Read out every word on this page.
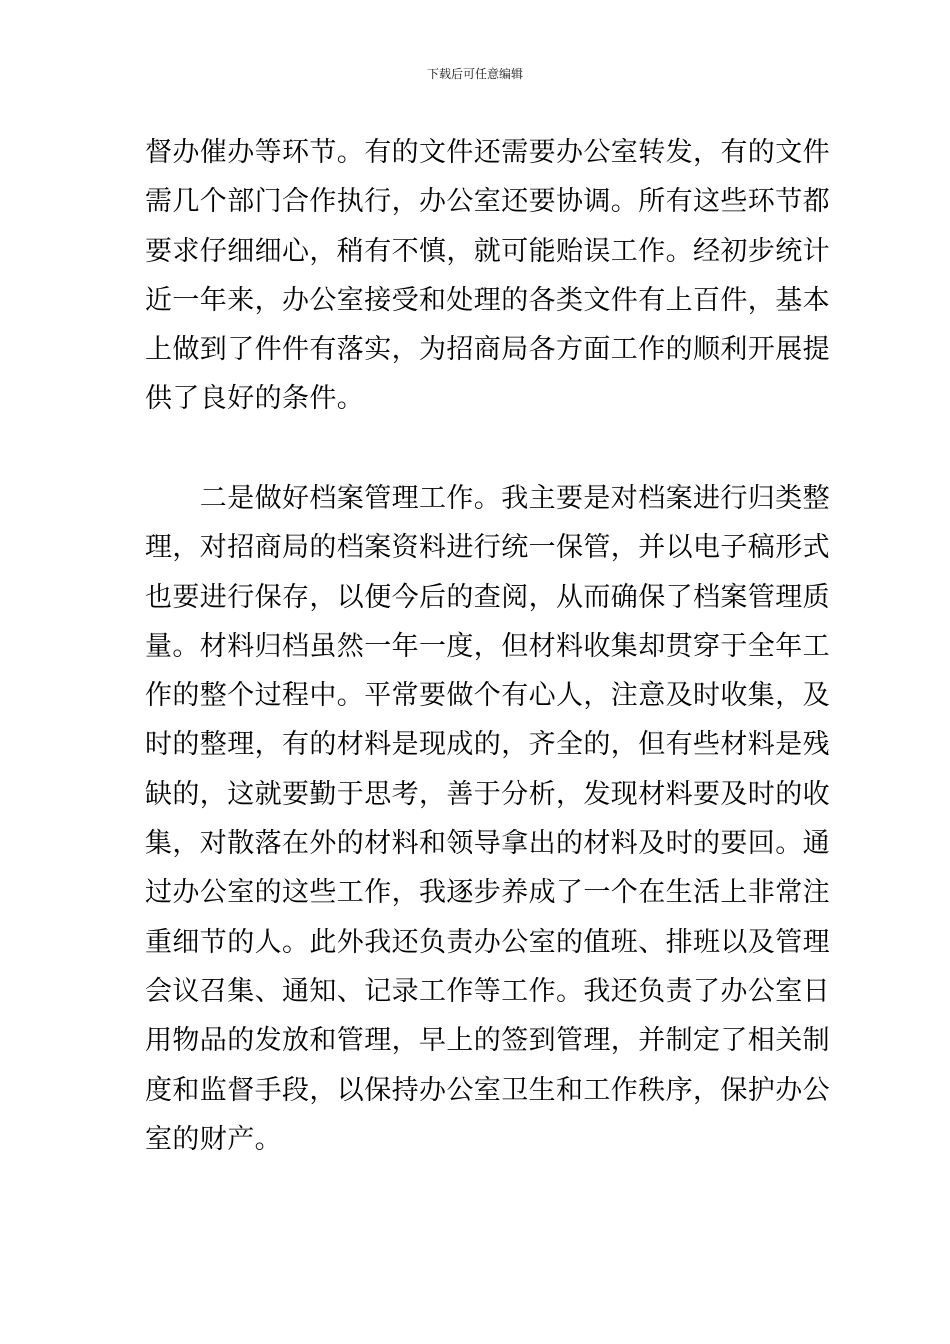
下载后可任意编辑
督办催办等环节。有的文件还需要办公室转发，有的文件
需几个部门合作执行，办公室还要协调。所有这些环节都
要求仔细细心，稍有不慎，就可能贻误工作。经初步统计
近一年来，办公室接受和处理的各类文件有上百件，基本
上做到了件件有落实，为招商局各方面工作的顺利开展提
供了良好的条件。
　　二是做好档案管理工作。我主要是对档案进行归类整
理，对招商局的档案资料进行统一保管，并以电子稿形式
也要进行保存，以便今后的查阅，从而确保了档案管理质
量。材料归档虽然一年一度，但材料收集却贯穿于全年工
作的整个过程中。平常要做个有心人，注意及时收集，及
时的整理，有的材料是现成的，齐全的，但有些材料是残
缺的，这就要勤于思考，善于分析，发现材料要及时的收
集，对散落在外的材料和领导拿出的材料及时的要回。通
过办公室的这些工作，我逐步养成了一个在生活上非常注
重细节的人。此外我还负责办公室的值班、排班以及管理
会议召集、通知、记录工作等工作。我还负责了办公室日
用物品的发放和管理，早上的签到管理，并制定了相关制
度和监督手段，以保持办公室卫生和工作秩序，保护办公
室的财产。
